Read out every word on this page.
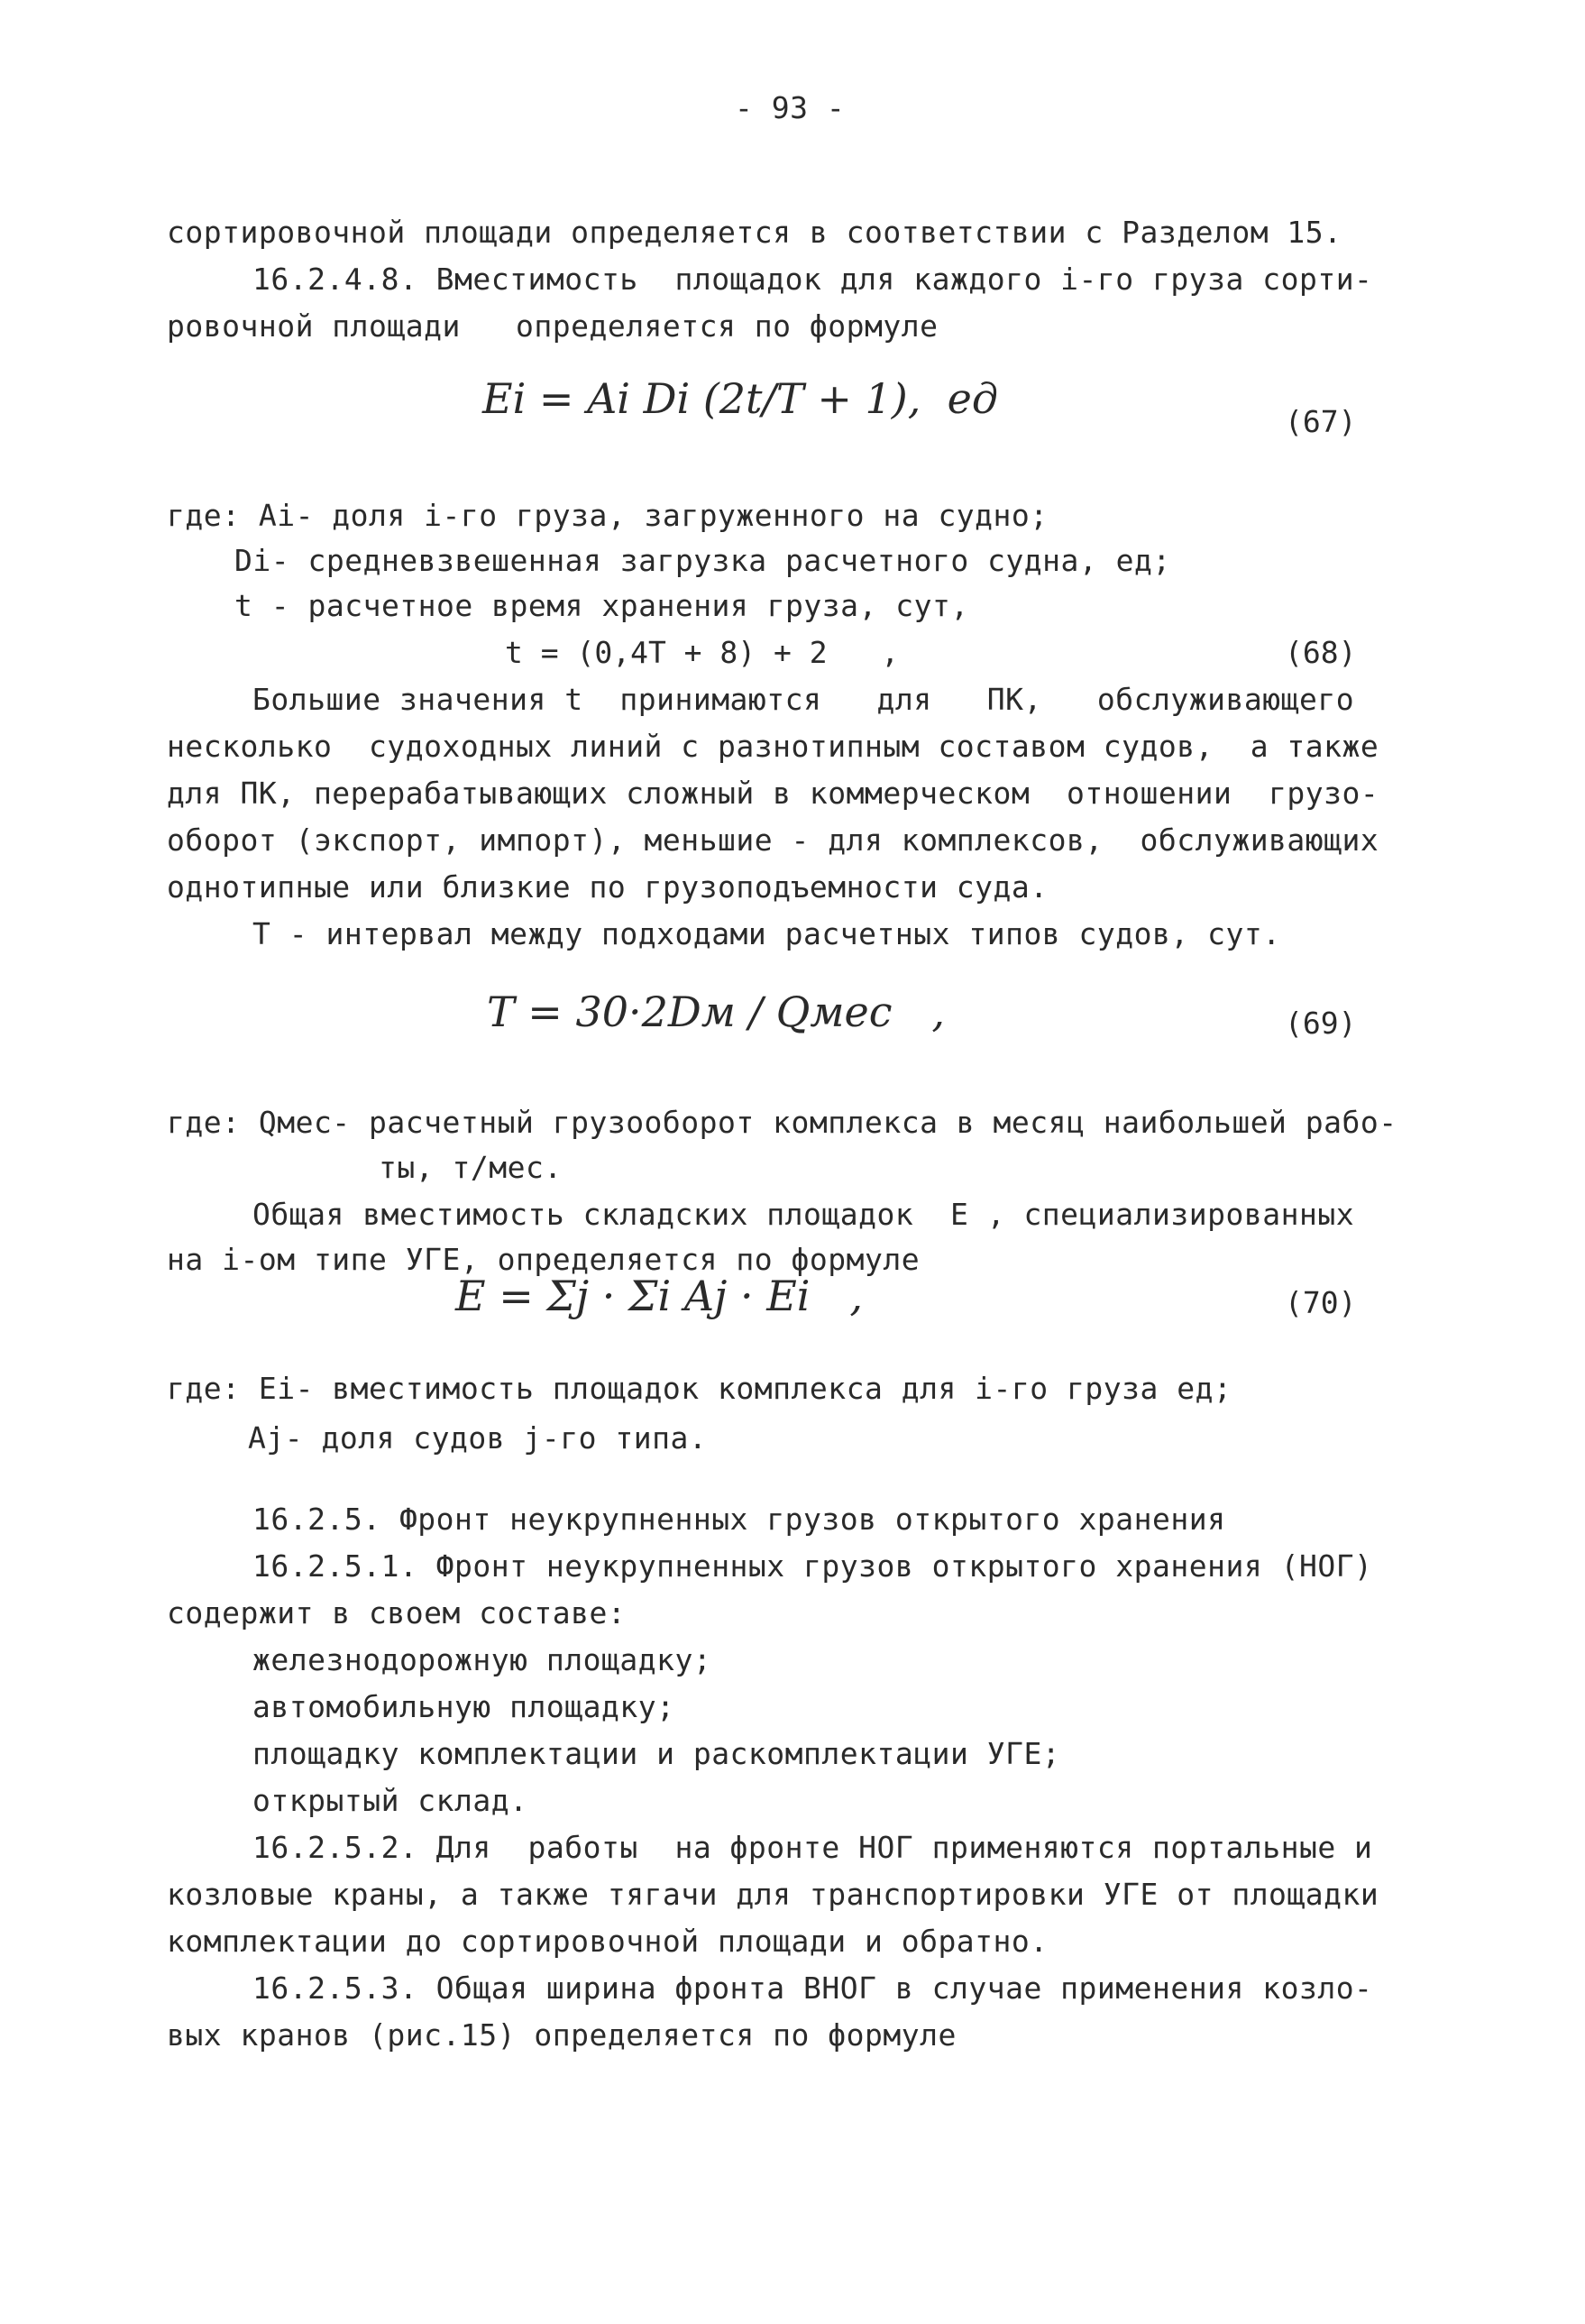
- 93 -
сортировочной площади определяется в соответствии с Разделом 15.
16.2.4.8. Вместимость  площадок для каждого i-го груза сорти-
ровочной площади   определяется по формуле
Ei = Ai Di (2t/T + 1),  ед	(67)
где: Ai- доля i-го груза, загруженного на судно;
Di- средневзвешенная загрузка расчетного судна, ед;
t - расчетное время хранения груза, сут,
t = (0,4T + 8) + 2   ,	(68)
Большие значения t  принимаются   для   ПК,   обслуживающего
несколько  судоходных линий с разнотипным составом судов,  а также
для ПК, перерабатывающих сложный в коммерческом  отношении  грузо-
оборот (экспорт, импорт), меньшие - для комплексов,  обслуживающих
однотипные или близкие по грузоподъемности суда.
T - интервал между подходами расчетных типов судов, сут.
T = 30·2Dм / Qмес   ,	(69)
где: Qмес- расчетный грузооборот комплекса в месяц наибольшей рабо-
ты, т/мес.
Общая вместимость складских площадок  E , специализированных
на i-ом типе УГЕ, определяется по формуле
E = Σj · Σi Aj · Ei   ,	(70)
где: Ei- вместимость площадок комплекса для i-го груза ед;
Aj- доля судов j-го типа.
16.2.5. Фронт неукрупненных грузов открытого хранения
16.2.5.1. Фронт неукрупненных грузов открытого хранения (НОГ)
содержит в своем составе:
железнодорожную площадку;
автомобильную площадку;
площадку комплектации и раскомплектации УГЕ;
открытый склад.
16.2.5.2. Для  работы  на фронте НОГ применяются портальные и
козловые краны, а также тягачи для транспортировки УГЕ от площадки
комплектации до сортировочной площади и обратно.
16.2.5.3. Общая ширина фронта BНОГ в случае применения козло-
вых кранов (рис.15) определяется по формуле
